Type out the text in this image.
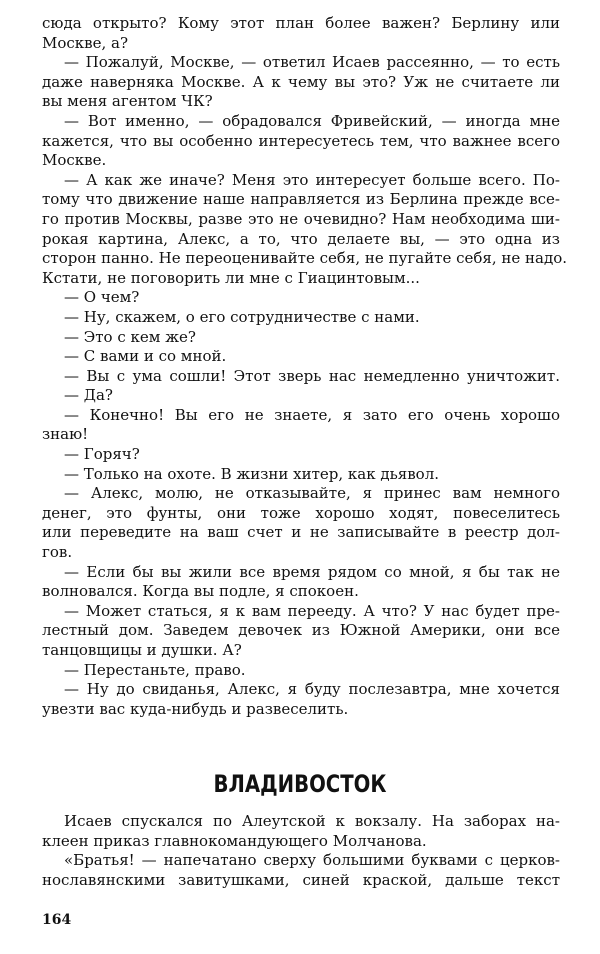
сюда открыто? Кому этот план более важен? Берлину или
Москве, а?
— Пожалуй, Москве, — ответил Исаев рассеянно, — то есть
даже наверняка Москве. А к чему вы это? Уж не считаете ли
вы меня агентом ЧК?
— Вот именно, — обрадовался Фривейский, — иногда мне
кажется, что вы особенно интересуетесь тем, что важнее всего
Москве.
— А как же иначе? Меня это интересует больше всего. По-
тому что движение наше направляется из Берлина прежде все-
го против Москвы, разве это не очевидно? Нам необходима ши-
рокая картина, Алекс, а то, что делаете вы, — это одна из
сторон панно. Не переоценивайте себя, не пугайте себя, не надо.
Кстати, не поговорить ли мне с Гиацинтовым...
— О чем?
— Ну, скажем, о его сотрудничестве с нами.
— Это с кем же?
— С вами и со мной.
— Вы с ума сошли! Этот зверь нас немедленно уничтожит.
— Да?
— Конечно! Вы его не знаете, я зато его очень хорошо
знаю!
— Горяч?
— Только на охоте. В жизни хитер, как дьявол.
— Алекс, молю, не отказывайте, я принес вам немного
денег, это фунты, они тоже хорошо ходят, повеселитесь
или переведите на ваш счет и не записывайте в реестр дол-
гов.
— Если бы вы жили все время рядом со мной, я бы так не
волновался. Когда вы подле, я спокоен.
— Может статься, я к вам перееду. А что? У нас будет пре-
лестный дом. Заведем девочек из Южной Америки, они все
танцовщицы и душки. А?
— Перестаньте, право.
— Ну до свиданья, Алекс, я буду послезавтра, мне хочется
увезти вас куда-нибудь и развеселить.
ВЛАДИВОСТОК
Исаев спускался по Алеутской к вокзалу. На заборах на-
клеен приказ главнокомандующего Молчанова.
«Братья! — напечатано сверху большими буквами с церков-
нославянскими завитушками, синей краской, дальше текст
164
